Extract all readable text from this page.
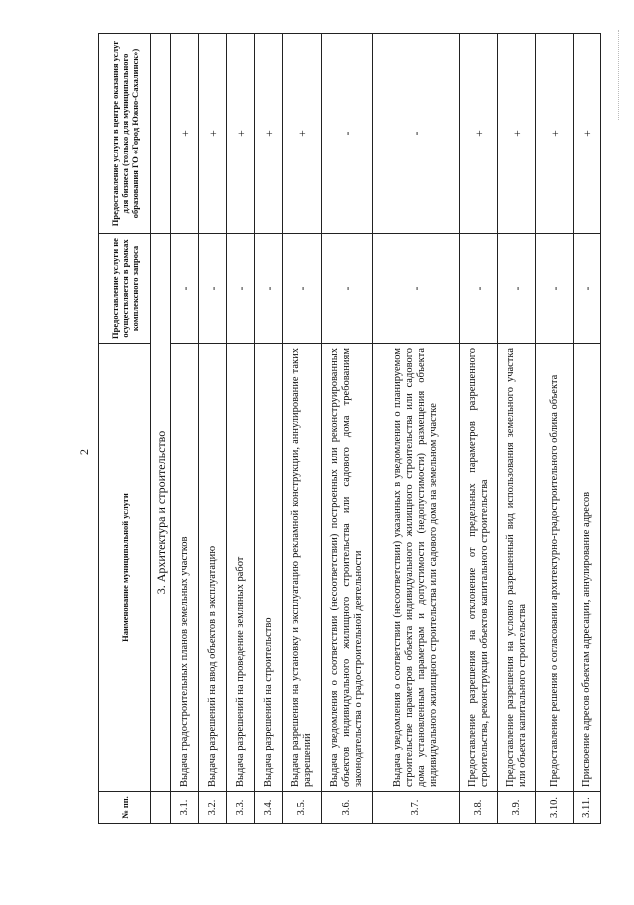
2
№ пп.	Наименование муниципальной услуги	Предоставление услуги не осуществляется в рамках комплексного запроса	Предоставление услуги в центре оказания услуг для бизнеса (только для муниципального образования ГО «Город Южно-Сахалинск»)
	3. Архитектура и строительство		
3.1.	Выдача градостроительных планов земельных участков	-	+
3.2.	Выдача разрешений на ввод объектов в эксплуатацию	-	+
3.3.	Выдача разрешений на проведение земляных работ	-	+
3.4.	Выдача разрешений на строительство	-	+
3.5.	Выдача разрешения на установку и эксплуатацию рекламной конструкции, аннулирование таких разрешений	-	+
3.6.	Выдача уведомления о соответствии (несоответствии) построенных или реконструированных объектов индивидуального жилищного строительства или садового дома требованиям законодательства о градостроительной деятельности	-	-
3.7.	Выдача уведомления о соответствии (несоответствии) указанных в уведомлении о планируемом строительстве параметров объекта индивидуального жилищного строительства или садового дома установленным параметрам и допустимости (недопустимости) размещения объекта индивидуального жилищного строительства или садового дома на земельном участке	-	-
3.8.	Предоставление разрешения на отклонение от предельных параметров разрешенного строительства, реконструкции объектов капитального строительства	-	+
3.9.	Предоставление разрешения на условно разрешенный вид использования земельного участка или объекта капитального строительства	-	+
3.10.	Предоставление решения о согласовании архитектурно-градостроительного облика объекта	-	+
3.11.	Присвоение адресов объектам адресации, аннулирование адресов	-	+
